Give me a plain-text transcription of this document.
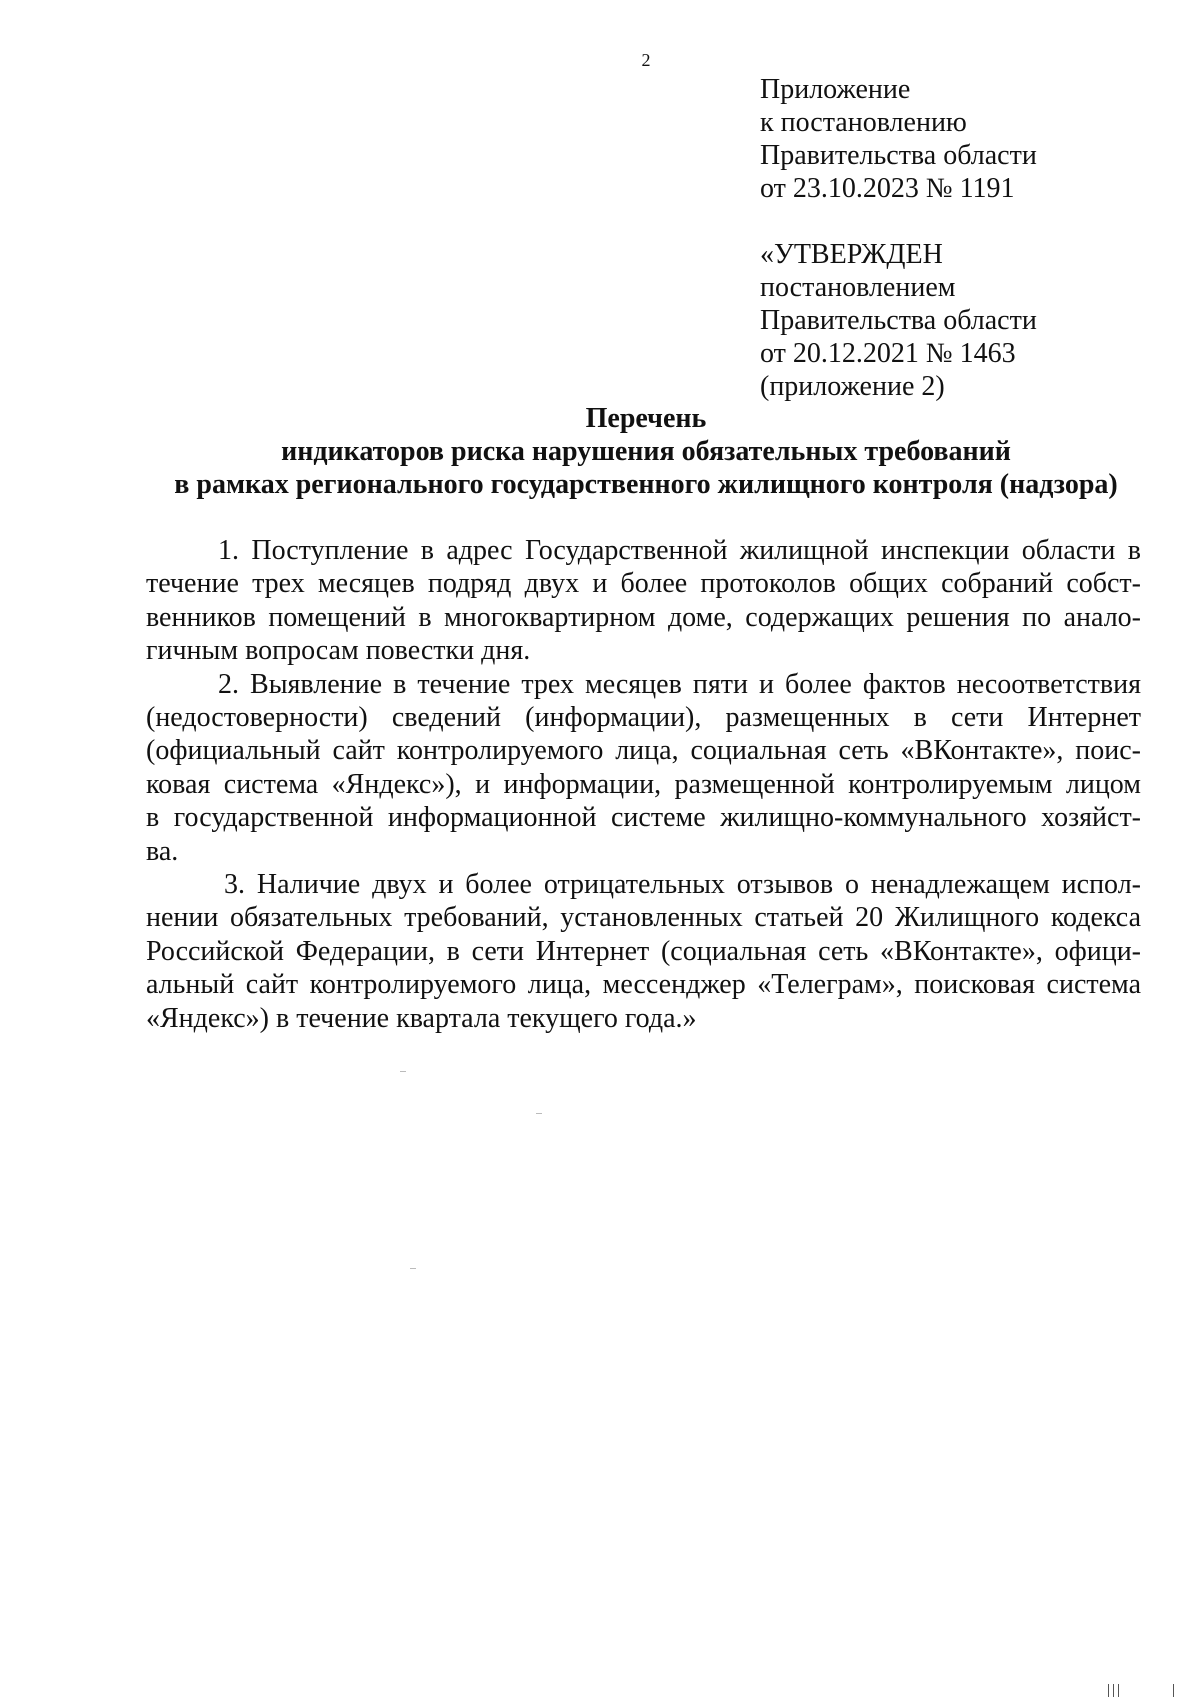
2
Приложение
к постановлению
Правительства области
от 23.10.2023 № 1191
«УТВЕРЖДЕН
постановлением
Правительства области
от 20.12.2021 № 1463
(приложение 2)
Перечень
индикаторов риска нарушения обязательных требований
в рамках регионального государственного жилищного контроля (надзора)
1. Поступление в адрес Государственной жилищной инспекции области в
течение трех месяцев подряд двух и более протоколов общих собраний собст-
венников помещений в многоквартирном доме, содержащих решения по анало-
гичным вопросам повестки дня.
2. Выявление в течение трех месяцев пяти и более фактов несоответствия
(недостоверности) сведений (информации), размещенных в сети Интернет
(официальный сайт контролируемого лица, социальная сеть «ВКонтакте», поис-
ковая система «Яндекс»), и информации, размещенной контролируемым лицом
в государственной информационной системе жилищно-коммунального хозяйст-
ва.
3. Наличие двух и более отрицательных отзывов о ненадлежащем испол-
нении обязательных требований, установленных статьей 20 Жилищного кодекса
Российской Федерации, в сети Интернет (социальная сеть «ВКонтакте», офици-
альный сайт контролируемого лица, мессенджер «Телеграм», поисковая система
«Яндекс») в течение квартала текущего года.»
